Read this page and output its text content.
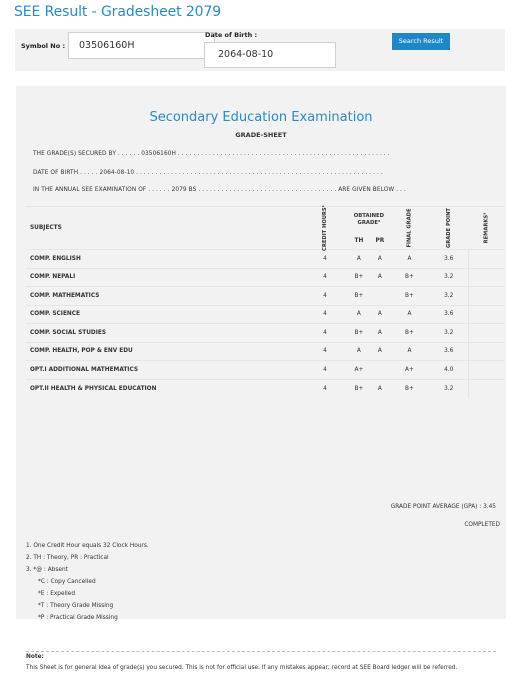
SEE Result - Gradesheet 2079
Symbol No :	03506160H
Date of Birth :
2064-08-10
Search Result
Secondary Education Examination
GRADE-SHEET
THE GRADE(S) SECURED BY . . . . . . 03506160H . . . . . . . . . . . . . . . . . . . . . . . . . . . . . . . . . . . . . . . . . . . . . . . . . . . . . . .
DATE OF BIRTH . . . . . 2064-08-10 . . . . . . . . . . . . . . . . . . . . . . . . . . . . . . . . . . . . . . . . . . . . . . . . . . . . . . . . . . . . . . . .
IN THE ANNUAL SEE EXAMINATION OF . . . . . . 2079 BS . . . . . . . . . . . . . . . . . . . . . . . . . . . . . . . . . . . . ARE GIVEN BELOW . . .
SUBJECTS	CREDIT HOURS¹	OBTAINED GRADE²		FINAL GRADE	GRADE POINT	REMARKS³
		TH	PR			
COMP. ENGLISH	4	A	A	A	3.6	
COMP. NEPALI	4	B+	A	B+	3.2	
COMP. MATHEMATICS	4	B+		B+	3.2	
COMP. SCIENCE	4	A	A	A	3.6	
COMP. SOCIAL STUDIES	4	B+	A	B+	3.2	
COMP. HEALTH, POP & ENV EDU	4	A	A	A	3.6	
OPT.I ADDITIONAL MATHEMATICS	4	A+		A+	4.0	
OPT.II HEALTH & PHYSICAL EDUCATION	4	B+	A	B+	3.2	
GRADE POINT AVERAGE (GPA) : 3.45
COMPLETED
1. One Credit Hour equals 32 Clock Hours.
2. TH : Theory, PR : Practical
3. *@ : Absent
*C : Copy Cancelled
*E : Expelled
*T : Theory Grade Missing
*P : Practical Grade Missing
Note:
This Sheet is for general idea of grade(s) you secured. This is not for official use. If any mistakes appear; record at SEE Board ledger will be referred.
